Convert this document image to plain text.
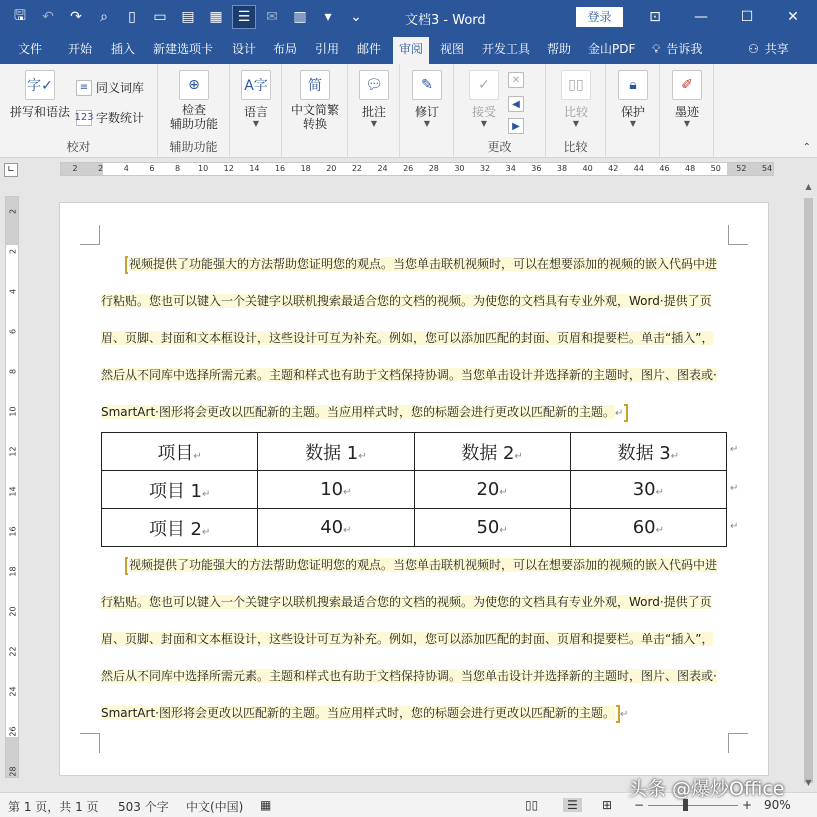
🖫	↶	↷	⌕	▯	▭	▤	▦	☰	✉	▥	▾	⌄	文档3 - Word	登录	⊡	—	☐	✕
文件	开始	插入	新建选项卡	设计	布局	引用	邮件	审阅	视图	开发工具	帮助	金山PDF	💡︎ 告诉我	⚇ 共享
字✓
拼写和语法
≡ 同义词库
123 字数统计
校对
⊕
检查
辅助功能
辅助功能
A字
语言
▼
简
中文简繁
转换
💬︎
批注
▼
✎
修订
▼
✓
接受
▼
✕
◀
▶
更改
▯▯
比较
▼
比较
🔒︎
保护
▼
✐
墨迹
▼
⌃
∟	2	2	4	6	8 10 12 14 16 18 20 22 24 26 28 30 32 34 36 38 40 42 44 46 48 50 52 54
2
2
4
6
8
10
12
14
16
18
20
22
24
26
28
▲
▼
视频提供了功能强大的方法帮助您证明您的观点。当您单击联机视频时，可以在想要添加的视频的嵌入代码中进
行粘贴。您也可以键入一个关键字以联机搜索最适合您的文档的视频。为使您的文档具有专业外观，Word·提供了页
眉、页脚、封面和文本框设计，这些设计可互为补充。例如，您可以添加匹配的封面、页眉和提要栏。单击“插入”，
然后从不同库中选择所需元素。主题和样式也有助于文档保持协调。当您单击设计并选择新的主题时，图片、图表或·
SmartArt·图形将会更改以匹配新的主题。当应用样式时，您的标题会进行更改以匹配新的主题。↵
项目↵	数据 1↵	数据 2↵	数据 3↵
项目 1↵	10↵	20↵	30↵
项目 2↵	40↵	50↵	60↵
↵
↵
↵
视频提供了功能强大的方法帮助您证明您的观点。当您单击联机视频时，可以在想要添加的视频的嵌入代码中进
行粘贴。您也可以键入一个关键字以联机搜索最适合您的文档的视频。为使您的文档具有专业外观，Word·提供了页
眉、页脚、封面和文本框设计，这些设计可互为补充。例如，您可以添加匹配的封面、页眉和提要栏。单击“插入”，
然后从不同库中选择所需元素。主题和样式也有助于文档保持协调。当您单击设计并选择新的主题时，图片、图表或·
SmartArt·图形将会更改以匹配新的主题。当应用样式时，您的标题会进行更改以匹配新的主题。 ↵
第 1 页，共 1 页 503 个字 中文(中国) ▦	▯▯	☰	⊞ −	+ 90%
头条 @爆炒Office
